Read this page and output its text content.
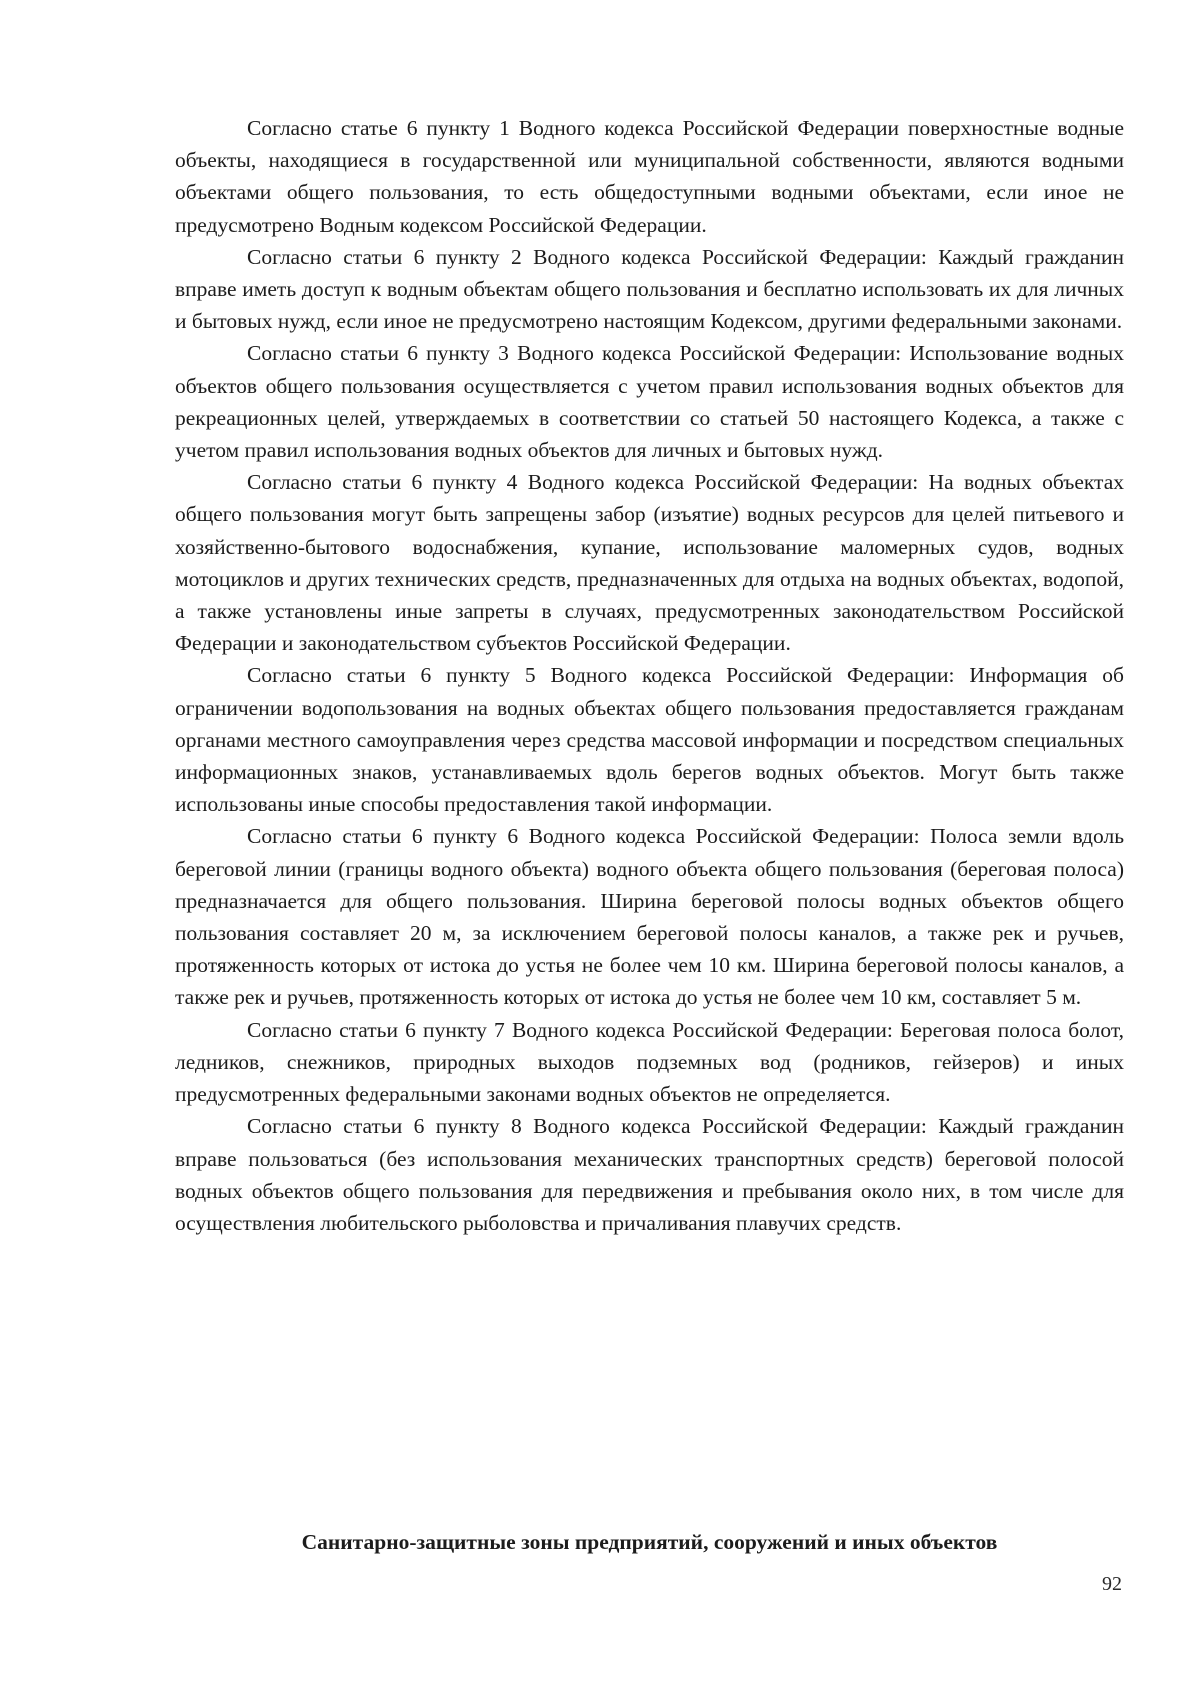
Согласно статье 6 пункту 1 Водного кодекса Российской Федерации поверхностные водные объекты, находящиеся в государственной или муниципальной собственности, являются водными объектами общего пользования, то есть общедоступными водными объектами, если иное не предусмотрено Водным кодексом Российской Федерации.

Согласно статьи 6 пункту 2 Водного кодекса Российской Федерации: Каждый гражданин вправе иметь доступ к водным объектам общего пользования и бесплатно использовать их для личных и бытовых нужд, если иное не предусмотрено настоящим Кодексом, другими федеральными законами.

Согласно статьи 6 пункту 3 Водного кодекса Российской Федерации: Использование водных объектов общего пользования осуществляется с учетом правил использования водных объектов для рекреационных целей, утверждаемых в соответствии со статьей 50 настоящего Кодекса, а также с учетом правил использования водных объектов для личных и бытовых нужд.

Согласно статьи 6 пункту 4 Водного кодекса Российской Федерации: На водных объектах общего пользования могут быть запрещены забор (изъятие) водных ресурсов для целей питьевого и хозяйственно-бытового водоснабжения, купание, использование маломерных судов, водных мотоциклов и других технических средств, предназначенных для отдыха на водных объектах, водопой, а также установлены иные запреты в случаях, предусмотренных законодательством Российской Федерации и законодательством субъектов Российской Федерации.

Согласно статьи 6 пункту 5 Водного кодекса Российской Федерации: Информация об ограничении водопользования на водных объектах общего пользования предоставляется гражданам органами местного самоуправления через средства массовой информации и посредством специальных информационных знаков, устанавливаемых вдоль берегов водных объектов. Могут быть также использованы иные способы предоставления такой информации.

Согласно статьи 6 пункту 6 Водного кодекса Российской Федерации: Полоса земли вдоль береговой линии (границы водного объекта) водного объекта общего пользования (береговая полоса) предназначается для общего пользования. Ширина береговой полосы водных объектов общего пользования составляет 20 м, за исключением береговой полосы каналов, а также рек и ручьев, протяженность которых от истока до устья не более чем 10 км. Ширина береговой полосы каналов, а также рек и ручьев, протяженность которых от истока до устья не более чем 10 км, составляет 5 м.

Согласно статьи 6 пункту 7 Водного кодекса Российской Федерации: Береговая полоса болот, ледников, снежников, природных выходов подземных вод (родников, гейзеров) и иных предусмотренных федеральными законами водных объектов не определяется.

Согласно статьи 6 пункту 8 Водного кодекса Российской Федерации: Каждый гражданин вправе пользоваться (без использования механических транспортных средств) береговой полосой водных объектов общего пользования для передвижения и пребывания около них, в том числе для осуществления любительского рыболовства и причаливания плавучих средств.

Санитарно-защитные зоны предприятий, сооружений и иных объектов
92
